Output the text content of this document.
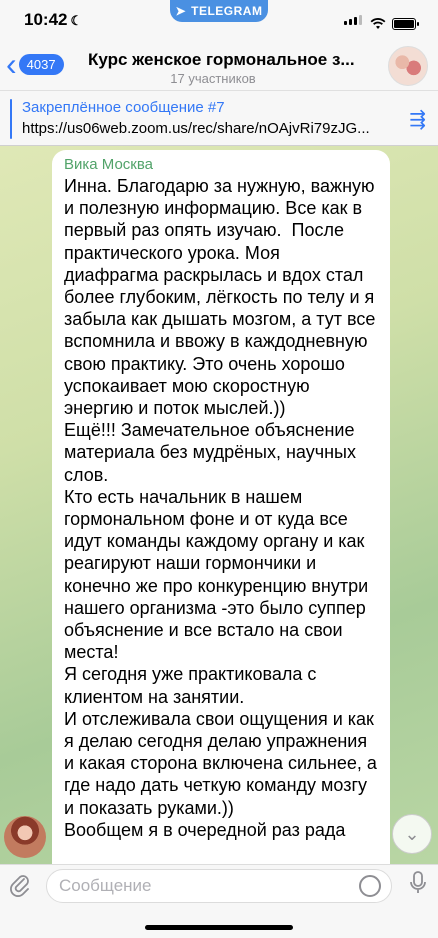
10:42 ☾
➤ TELEGRAM
‹ 4037	Курс женское гормональное з...
17 участников
Закреплённое сообщение #7
https://us06web.zoom.us/rec/share/nOAjvRi79zJG...	⇶
Вика Москва
Инна. Благодарю за нужную, важную
и полезную информацию. Все как в
первый раз опять изучаю.  После
практического урока. Моя
диафрагма раскрылась и вдох стал
более глубоким, лёгкость по телу и я
забыла как дышать мозгом, а тут все
вспомнила и ввожу в каждодневную
свою практику. Это очень хорошо
успокаивает мою скоростную
энергию и поток мыслей.))
Ещё!!! Замечательное объяснение
материала без мудрёных, научных
слов.
Кто есть начальник в нашем
гормональном фоне и от куда все
идут команды каждому органу и как
реагируют наши гормончики и
конечно же про конкуренцию внутри
нашего организма -это было суппер
объяснение и все встало на свои
места!
Я сегодня уже практиковала с
клиентом на занятии.
И отслеживала свои ощущения и как
я делаю сегодня делаю упражнения
и какая сторона включена сильнее, а
где надо дать четкую команду мозгу
и показать руками.))
Вообщем я в очередной раз рада	⌄
Сообщение
